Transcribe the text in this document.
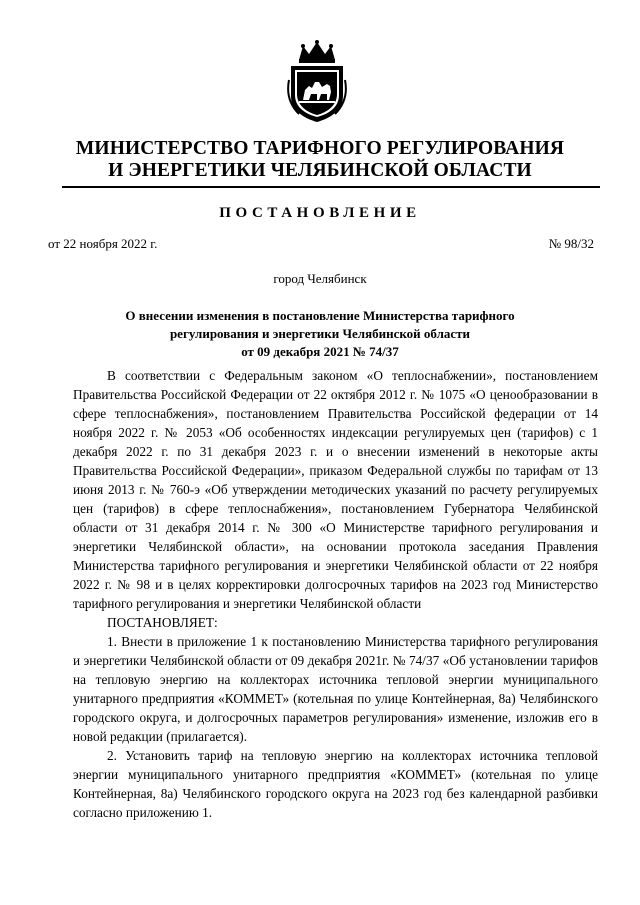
МИНИСТЕРСТВО ТАРИФНОГО РЕГУЛИРОВАНИЯ
И ЭНЕРГЕТИКИ ЧЕЛЯБИНСКОЙ ОБЛАСТИ
ПОСТАНОВЛЕНИЕ
от 22 ноября 2022 г.	№ 98/32
город Челябинск
О внесении изменения в постановление Министерства тарифного
регулирования и энергетики Челябинской области
от 09 декабря 2021 № 74/37

В соответствии с Федеральным законом «О теплоснабжении», постановлением Правительства Российской Федерации от 22 октября 2012 г. № 1075 «О ценообразовании в сфере теплоснабжения», постановлением Правительства Российской федерации от 14 ноября 2022 г. № 2053 «Об особенностях индексации регулируемых цен (тарифов) с 1 декабря 2022 г. по 31 декабря 2023 г. и о внесении изменений в некоторые акты Правительства Российской Федерации», приказом Федеральной службы по тарифам от 13 июня 2013 г. № 760-э «Об утверждении методических указаний по расчету регулируемых цен (тарифов) в сфере теплоснабжения», постановлением Губернатора Челябинской области от 31 декабря 2014 г. № 300 «О Министерстве тарифного регулирования и энергетики Челябинской области», на основании протокола заседания Правления Министерства тарифного регулирования и энергетики Челябинской области от 22 ноября 2022 г. № 98 и в целях корректировки долгосрочных тарифов на 2023 год Министерство тарифного регулирования и энергетики Челябинской области

ПОСТАНОВЛЯЕТ:

1. Внести в приложение 1 к постановлению Министерства тарифного регулирования и энергетики Челябинской области от 09 декабря 2021г. № 74/37 «Об установлении тарифов на тепловую энергию на коллекторах источника тепловой энергии муниципального унитарного предприятия «КОММЕТ» (котельная по улице Контейнерная, 8а) Челябинского городского округа, и долгосрочных параметров регулирования» изменение, изложив его в новой редакции (прилагается).

2. Установить тариф на тепловую энергию на коллекторах источника тепловой энергии муниципального унитарного предприятия «КОММЕТ» (котельная по улице Контейнерная, 8а) Челябинского городского округа на 2023 год без календарной разбивки согласно приложению 1.
